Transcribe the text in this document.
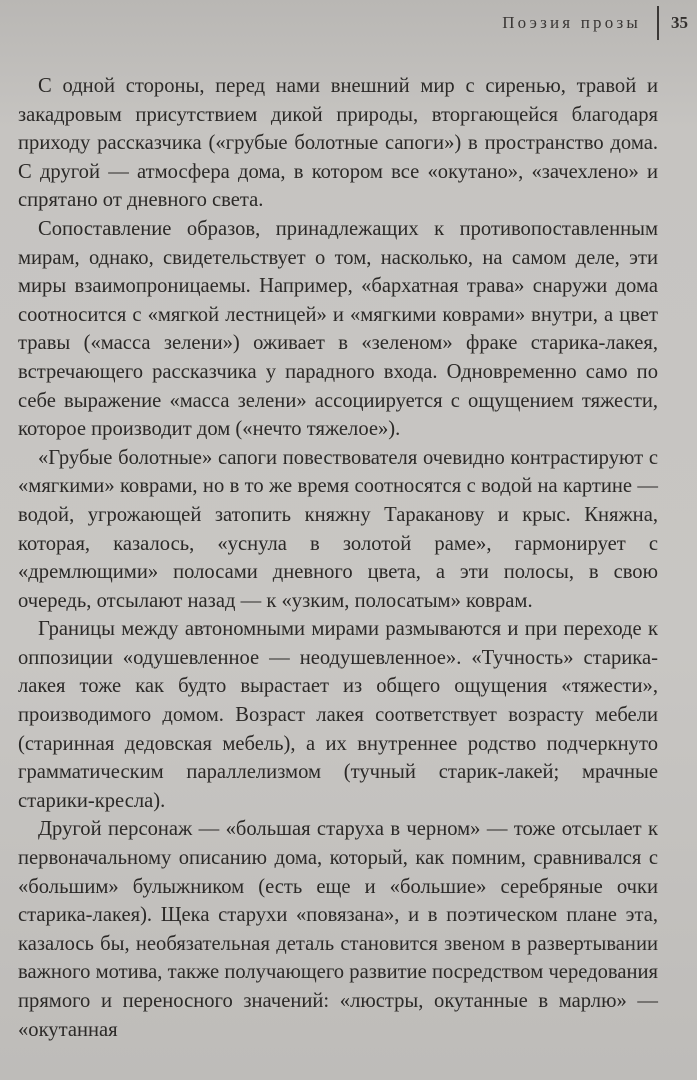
Поэзия прозы	35

С одной стороны, перед нами внешний мир с сиренью, травой и закадровым присутствием дикой природы, вторгающейся благодаря приходу рассказчика («грубые болотные сапоги») в пространство дома. С другой — атмосфера дома, в котором все «окутано», «зачехлено» и спрятано от дневного света.

Сопоставление образов, принадлежащих к противопоставленным мирам, однако, свидетельствует о том, насколько, на самом деле, эти миры взаимопроницаемы. Например, «бархатная трава» снаружи дома соотносится с «мягкой лестницей» и «мягкими коврами» внутри, а цвет травы («масса зелени») оживает в «зеленом» фраке старика-лакея, встречающего рассказчика у парадного входа. Одновременно само по себе выражение «масса зелени» ассоциируется с ощущением тяжести, которое производит дом («нечто тяжелое»).

«Грубые болотные» сапоги повествователя очевидно контрастируют с «мягкими» коврами, но в то же время соотносятся с водой на картине — водой, угрожающей затопить княжну Тараканову и крыс. Княжна, которая, казалось, «уснула в золотой раме», гармонирует с «дремлющими» полосами дневного цвета, а эти полосы, в свою очередь, отсылают назад — к «узким, полосатым» коврам.

Границы между автономными мирами размываются и при переходе к оппозиции «одушевленное — неодушевленное». «Тучность» старика-лакея тоже как будто вырастает из общего ощущения «тяжести», производимого домом. Возраст лакея соответствует возрасту мебели (старинная дедовская мебель), а их внутреннее родство подчеркнуто грамматическим параллелизмом (тучный старик-лакей; мрачные старики-кресла).

Другой персонаж — «большая старуха в черном» — тоже отсылает к первоначальному описанию дома, который, как помним, сравнивался с «большим» булыжником (есть еще и «большие» серебряные очки старика-лакея). Щека старухи «повязана», и в поэтическом плане эта, казалось бы, необязательная деталь становится звеном в развертывании важного мотива, также получающего развитие посредством чередования прямого и переносного значений: «люстры, окутанные в марлю» — «окутанная
